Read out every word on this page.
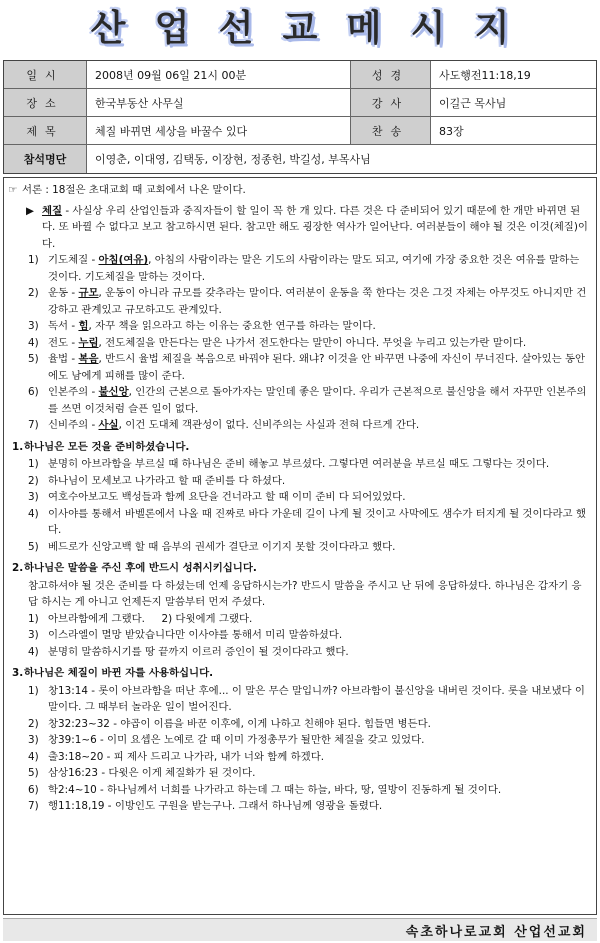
산 업 선 교 메 시 지
일시	2008년 09월 06일 21시 00분	성경	사도행전11:18,19
장소	한국부동산 사무실	강사	이길근 목사님
제목	체질 바뀌면 세상을 바꿀수 있다	찬송	83장
참석명단	이영춘, 이대영, 김택동, 이장현, 정종헌, 박길성, 부목사님

☞ 서론 : 18절은 초대교회 때 교회에서 나온 말이다.

▶ 체질 - 사실상 우리 산업인들과 중직자들이 할 일이 꼭 한 개 있다. 다른 것은 다 준비되어 있기 때문에 한 개만 바뀌면 된다. 또 바뀔 수 없다고 보고 참고하시면 된다. 참고만 해도 굉장한 역사가 일어난다. 여러분들이 해야 될 것은 이것(체질)이다.

1) 기도체질 - 아침(여유), 아침의 사람이라는 말은 기도의 사람이라는 말도 되고, 여기에 가장 중요한 것은 여유를 말하는 것이다. 기도체질을 말하는 것이다.

2) 운동 - 규모, 운동이 아니라 규모를 갖추라는 말이다. 여러분이 운동을 쭉 한다는 것은 그것 자체는 아무것도 아니지만 건강하고 관계있고 규모하고도 관계있다.

3) 독서 - 힘, 자꾸 책을 읽으라고 하는 이유는 중요한 연구를 하라는 말이다.

4) 전도 - 누림, 전도체질을 만든다는 말은 나가서 전도한다는 말만이 아니다. 무엇을 누리고 있는가란 말이다.

5) 율법 - 복음, 반드시 율법 체질을 복음으로 바꿔야 된다. 왜냐? 이것을 안 바꾸면 나중에 자신이 무너진다. 살아있는 동안에도 남에게 피해를 많이 준다.

6) 인본주의 - 불신앙, 인간의 근본으로 돌아가자는 말인데 좋은 말이다. 우리가 근본적으로 불신앙을 해서 자꾸만 인본주의를 쓰면 이것처럼 슬픈 일이 없다.

7) 신비주의 - 사실, 이건 도대체 객관성이 없다. 신비주의는 사실과 전혀 다르게 간다.

1. 하나님은 모든 것을 준비하셨습니다.

1) 분명히 아브라함을 부르실 때 하나님은 준비 해놓고 부르셨다. 그렇다면 여러분을 부르실 때도 그렇다는 것이다.

2) 하나님이 모세보고 나가라고 할 때 준비를 다 하셨다.

3) 여호수아보고도 백성들과 함께 요단을 건너라고 할 때 이미 준비 다 되어있었다.

4) 이사야를 통해서 바벨론에서 나올 때 진짜로 바다 가운데 길이 나게 될 것이고 사막에도 샘수가 터지게 될 것이다라고 했다.

5) 베드로가 신앙고백 할 때 음부의 권세가 결단코 이기지 못할 것이다라고 했다.

2. 하나님은 말씀을 주신 후에 반드시 성취시키십니다.

참고하셔야 될 것은 준비를 다 하셨는데 언제 응답하시는가? 반드시 말씀을 주시고 난 뒤에 응답하셨다. 하나님은 갑자기 응답 하시는 게 아니고 언제든지 말씀부터 먼저 주셨다.

1) 아브라함에게 그랬다.     2) 다윗에게 그랬다.

3) 이스라엘이 멸망 받았습니다만 이사야를 통해서 미리 말씀하셨다.

4) 분명히 말씀하시기를 땅 끝까지 이르러 증인이 될 것이다라고 했다.

3. 하나님은 체질이 바뀐 자를 사용하십니다.

1) 창13:14 - 롯이 아브라함을 떠난 후에... 이 말은 무슨 말입니까? 아브라함이 불신앙을 내버린 것이다. 롯을 내보냈다 이 말이다. 그 때부터 놀라운 일이 벌어진다.

2) 창32:23~32 - 야곱이 이름을 바꾼 이후에, 이게 나하고 친해야 된다. 힘들면 병든다.

3) 창39:1~6 - 이미 요셉은 노예로 갈 때 이미 가정총무가 될만한 체질을 갖고 있었다.

4) 출3:18~20 - 피 제사 드리고 나가라, 내가 너와 함께 하겠다.

5) 삼상16:23 - 다윗은 이게 체질화가 된 것이다.

6) 학2:4~10 - 하나님께서 너희를 나가라고 하는데 그 때는 하늘, 바다, 땅, 열방이 진동하게 될 것이다.

7) 행11:18,19 - 이방인도 구원을 받는구나. 그래서 하나님께 영광을 돌렸다.

속초하나로교회 산업선교회
